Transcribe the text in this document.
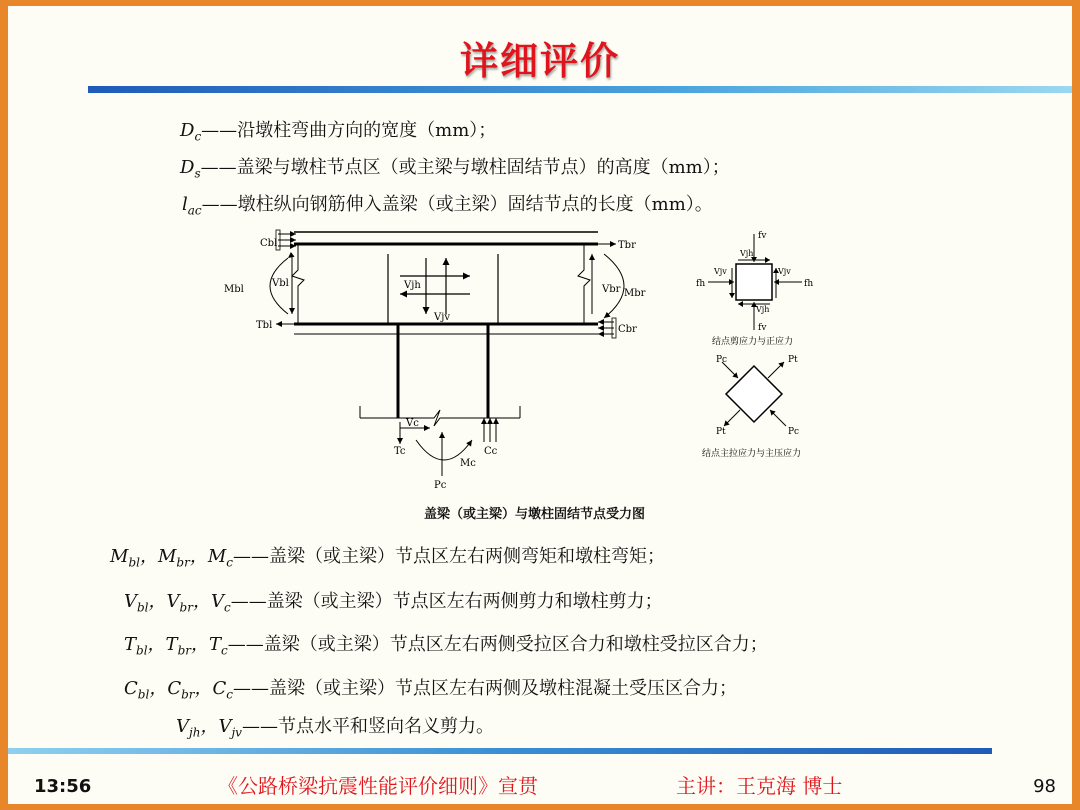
详细评价
$D_c——$沿墩柱弯曲方向的宽度（mm）；
$D_s——$盖梁与墩柱节点区（或主梁与墩柱固结节点）的高度（mm）；
$l_{ac}——$墩柱纵向钢筋伸入盖梁（或主梁）固结节点的长度（mm）。
Cbl	Tbr
Mbl
Vbl
Vbr Mbr
Tbl	Cbr
Vjh
Vjv
Vc
Tc	Cc
Mc
Pc
fv
fv
fh	fh
Vjh
Vjh
Vjv	Vjv
结点剪应力与正应力
Pc
Pc
Pt
Pt
结点主拉应力与主压应力
盖梁（或主梁）与墩柱固结节点受力图
$M_{bl}$，$M_{br}$，$M_c——$盖梁（或主梁）节点区左右两侧弯矩和墩柱弯矩；
$V_{bl}$，$V_{br}$，$V_c——$盖梁（或主梁）节点区左右两侧剪力和墩柱剪力；
$T_{bl}$，$T_{br}$，$T_c——$盖梁（或主梁）节点区左右两侧受拉区合力和墩柱受拉区合力；
$C_{bl}$，$C_{br}$，$C_c——$盖梁（或主梁）节点区左右两侧及墩柱混凝土受压区合力；
$V_{jh}$，$V_{jv}——$节点水平和竖向名义剪力。
13:56	《公路桥梁抗震性能评价细则》宣贯	主讲：王克海 博士	98
